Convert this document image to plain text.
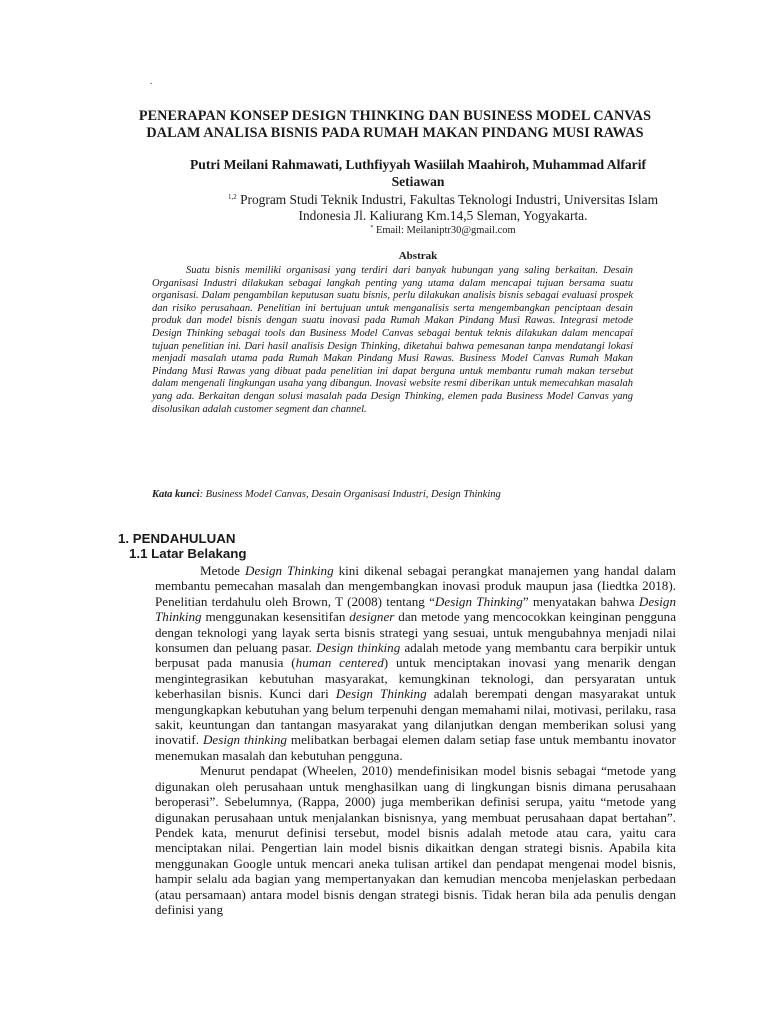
.
PENERAPAN KONSEP DESIGN THINKING DAN BUSINESS MODEL CANVAS
DALAM ANALISA BISNIS PADA RUMAH MAKAN PINDANG MUSI RAWAS
Putri Meilani Rahmawati, Luthfiyyah Wasiilah Maahiroh, Muhammad Alfarif
Setiawan
$^{1,2}$ Program Studi Teknik Industri, Fakultas Teknologi Industri, Universitas Islam
Indonesia Jl. Kaliurang Km.14,5 Sleman, Yogyakarta.
* Email: Meilaniptr30@gmail.com
Abstrak
Suatu bisnis memiliki organisasi yang terdiri dari banyak hubungan yang saling berkaitan. Desain Organisasi Industri dilakukan sebagai langkah penting yang utama dalam mencapai tujuan bersama suatu organisasi. Dalam pengambilan keputusan suatu bisnis, perlu dilakukan analisis bisnis sebagai evaluasi prospek dan risiko perusahaan. Penelitian ini bertujuan untuk menganalisis serta mengembangkan penciptaan desain produk dan model bisnis dengan suatu inovasi pada Rumah Makan Pindang Musi Rawas. Integrasi metode Design Thinking sebagai tools dan Business Model Canvas sebagai bentuk teknis dilakukan dalam mencapai tujuan penelitian ini. Dari hasil analisis Design Thinking, diketahui bahwa pemesanan tanpa mendatangi lokasi menjadi masalah utama pada Rumah Makan Pindang Musi Rawas. Business Model Canvas Rumah Makan Pindang Musi Rawas yang dibuat pada penelitian ini dapat berguna untuk membantu rumah makan tersebut dalam mengenali lingkungan usaha yang dibangun. Inovasi website resmi diberikan untuk memecahkan masalah yang ada. Berkaitan dengan solusi masalah pada Design Thinking, elemen pada Business Model Canvas yang disolusikan adalah customer segment dan channel.
Kata kunci: Business Model Canvas, Desain Organisasi Industri, Design Thinking
1. PENDAHULUAN
1.1 Latar Belakang

Metode Design Thinking kini dikenal sebagai perangkat manajemen yang handal dalam membantu pemecahan masalah dan mengembangkan inovasi produk maupun jasa (Iiedtka 2018). Penelitian terdahulu oleh Brown, T (2008) tentang “Design Thinking” menyatakan bahwa Design Thinking menggunakan kesensitifan designer dan metode yang mencocokkan keinginan pengguna dengan teknologi yang layak serta bisnis strategi yang sesuai, untuk mengubahnya menjadi nilai konsumen dan peluang pasar. Design thinking adalah metode yang membantu cara berpikir untuk berpusat pada manusia (human centered) untuk menciptakan inovasi yang menarik dengan mengintegrasikan kebutuhan masyarakat, kemungkinan teknologi, dan persyaratan untuk keberhasilan bisnis. Kunci dari Design Thinking adalah berempati dengan masyarakat untuk mengungkapkan kebutuhan yang belum terpenuhi dengan memahami nilai, motivasi, perilaku, rasa sakit, keuntungan dan tantangan masyarakat yang dilanjutkan dengan memberikan solusi yang inovatif. Design thinking melibatkan berbagai elemen dalam setiap fase untuk membantu inovator menemukan masalah dan kebutuhan pengguna.

Menurut pendapat (Wheelen, 2010) mendefinisikan model bisnis sebagai “metode yang digunakan oleh perusahaan untuk menghasilkan uang di lingkungan bisnis dimana perusahaan beroperasi”. Sebelumnya, (Rappa, 2000) juga memberikan definisi serupa, yaitu “metode yang digunakan perusahaan untuk menjalankan bisnisnya, yang membuat perusahaan dapat bertahan”. Pendek kata, menurut definisi tersebut, model bisnis adalah metode atau cara, yaitu cara menciptakan nilai. Pengertian lain model bisnis dikaitkan dengan strategi bisnis. Apabila kita menggunakan Google untuk mencari aneka tulisan artikel dan pendapat mengenai model bisnis, hampir selalu ada bagian yang mempertanyakan dan kemudian mencoba menjelaskan perbedaan (atau persamaan) antara model bisnis dengan strategi bisnis. Tidak heran bila ada penulis dengan definisi yang
